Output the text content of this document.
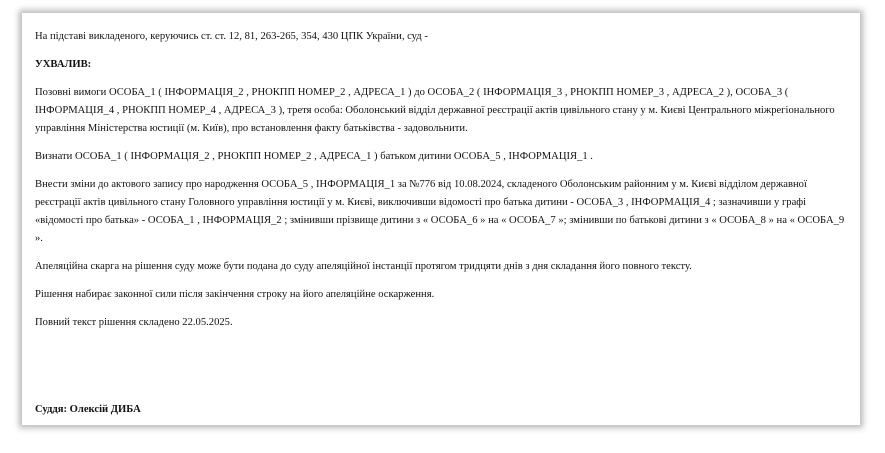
На підставі викладеного, керуючись ст. ст. 12, 81, 263-265, 354, 430 ЦПК України, суд -

УХВАЛИВ:

Позовні вимоги ОСОБА_1 ( ІНФОРМАЦІЯ_2 , РНОКПП НОМЕР_2 , АДРЕСА_1 ) до ОСОБА_2 ( ІНФОРМАЦІЯ_3 , РНОКПП НОМЕР_3 , АДРЕСА_2 ), ОСОБА_3 ( ІНФОРМАЦІЯ_4 , РНОКПП НОМЕР_4 , АДРЕСА_3 ), третя особа: Оболонський відділ державної реєстрації актів цивільного стану у м. Києві Центрального міжрегіонального управління Міністерства юстиції (м. Київ), про встановлення факту батьківства - задовольнити.

Визнати ОСОБА_1 ( ІНФОРМАЦІЯ_2 , РНОКПП НОМЕР_2 , АДРЕСА_1 ) батьком дитини ОСОБА_5 , ІНФОРМАЦІЯ_1 .

Внести зміни до актового запису про народження ОСОБА_5 , ІНФОРМАЦІЯ_1 за №776 від 10.08.2024, складеного Оболонським районним у м. Києві відділом державної реєстрації актів цивільного стану Головного управління юстиції у м. Києві, виключивши відомості про батька дитини - ОСОБА_3 , ІНФОРМАЦІЯ_4 ; зазначивши у графі «відомості про батька» - ОСОБА_1 , ІНФОРМАЦІЯ_2 ; змінивши прізвище дитини з « ОСОБА_6 » на « ОСОБА_7 »; змінивши по батькові дитини з « ОСОБА_8 » на « ОСОБА_9 ».

Апеляційна скарга на рішення суду може бути подана до суду апеляційної інстанції протягом тридцяти днів з дня складання його повного тексту.

Рішення набирає законної сили після закінчення строку на його апеляційне оскарження.

Повний текст рішення складено 22.05.2025.

Суддя: Олексій ДИБА
